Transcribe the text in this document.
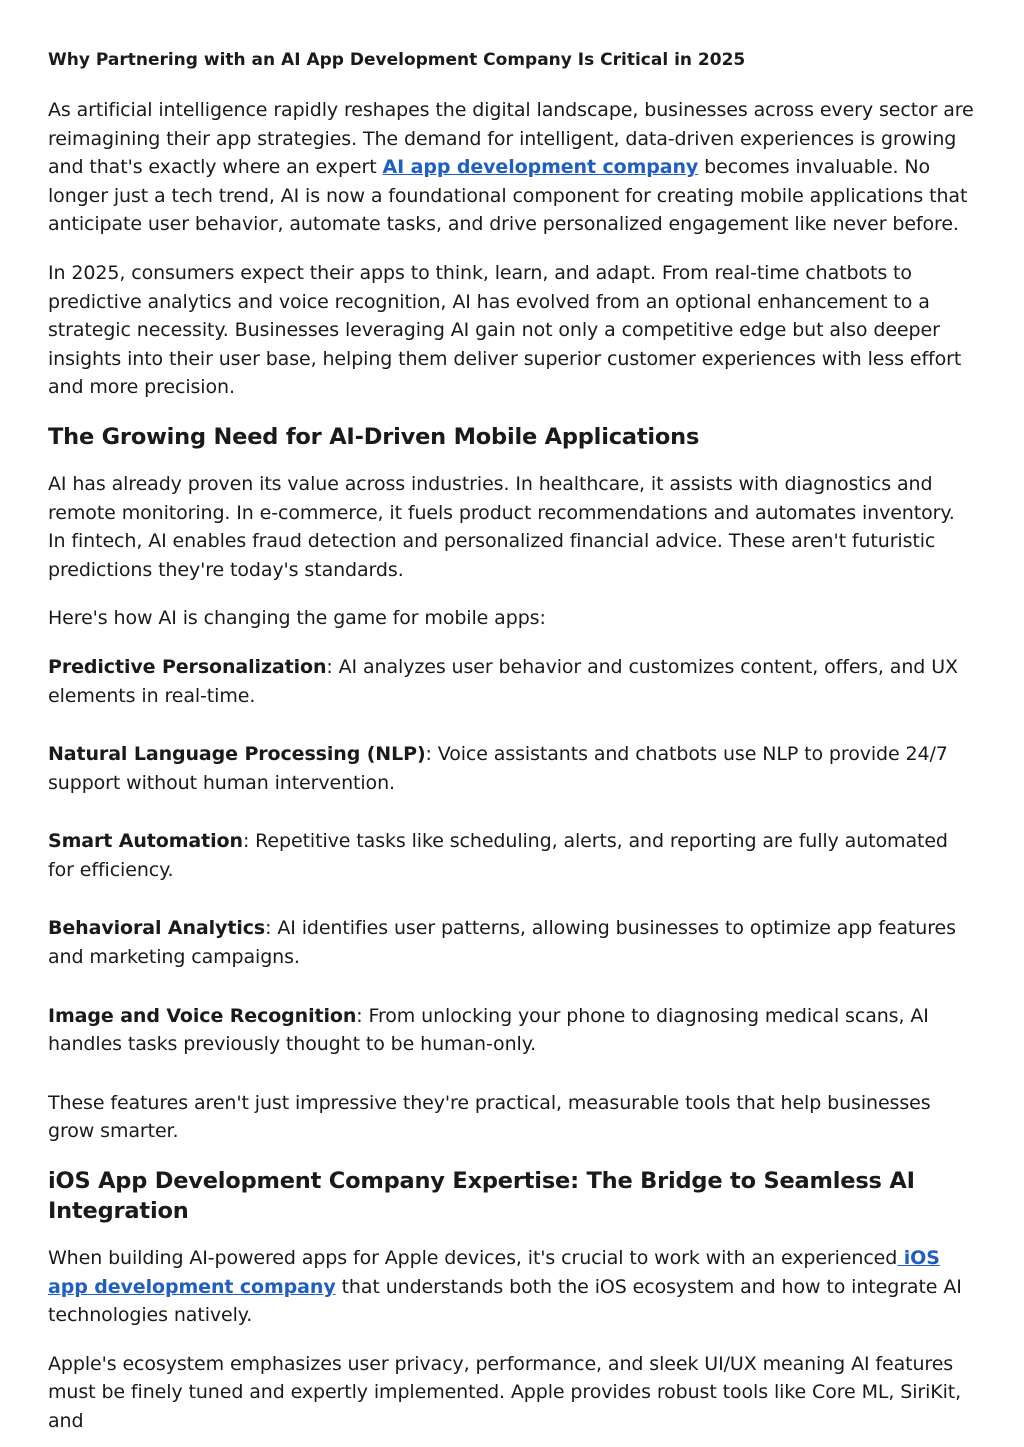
Why Partnering with an AI App Development Company Is Critical in 2025

As artificial intelligence rapidly reshapes the digital landscape, businesses across every sector are reimagining their app strategies. The demand for intelligent, data-driven experiences is growing and that's exactly where an expert AI app development company becomes invaluable. No longer just a tech trend, AI is now a foundational component for creating mobile applications that anticipate user behavior, automate tasks, and drive personalized engagement like never before.

In 2025, consumers expect their apps to think, learn, and adapt. From real-time chatbots to predictive analytics and voice recognition, AI has evolved from an optional enhancement to a strategic necessity. Businesses leveraging AI gain not only a competitive edge but also deeper insights into their user base, helping them deliver superior customer experiences with less effort and more precision.

The Growing Need for AI-Driven Mobile Applications

AI has already proven its value across industries. In healthcare, it assists with diagnostics and remote monitoring. In e-commerce, it fuels product recommendations and automates inventory. In fintech, AI enables fraud detection and personalized financial advice. These aren't futuristic predictions they're today's standards.

Here's how AI is changing the game for mobile apps:

Predictive Personalization: AI analyzes user behavior and customizes content, offers, and UX elements in real-time.

Natural Language Processing (NLP): Voice assistants and chatbots use NLP to provide 24/7 support without human intervention.

Smart Automation: Repetitive tasks like scheduling, alerts, and reporting are fully automated for efficiency.

Behavioral Analytics: AI identifies user patterns, allowing businesses to optimize app features and marketing campaigns.

Image and Voice Recognition: From unlocking your phone to diagnosing medical scans, AI handles tasks previously thought to be human-only.

These features aren't just impressive they're practical, measurable tools that help businesses grow smarter.

iOS App Development Company Expertise: The Bridge to Seamless AI Integration

When building AI-powered apps for Apple devices, it's crucial to work with an experienced iOS app development company that understands both the iOS ecosystem and how to integrate AI technologies natively.

Apple's ecosystem emphasizes user privacy, performance, and sleek UI/UX meaning AI features must be finely tuned and expertly implemented. Apple provides robust tools like Core ML, SiriKit, and
